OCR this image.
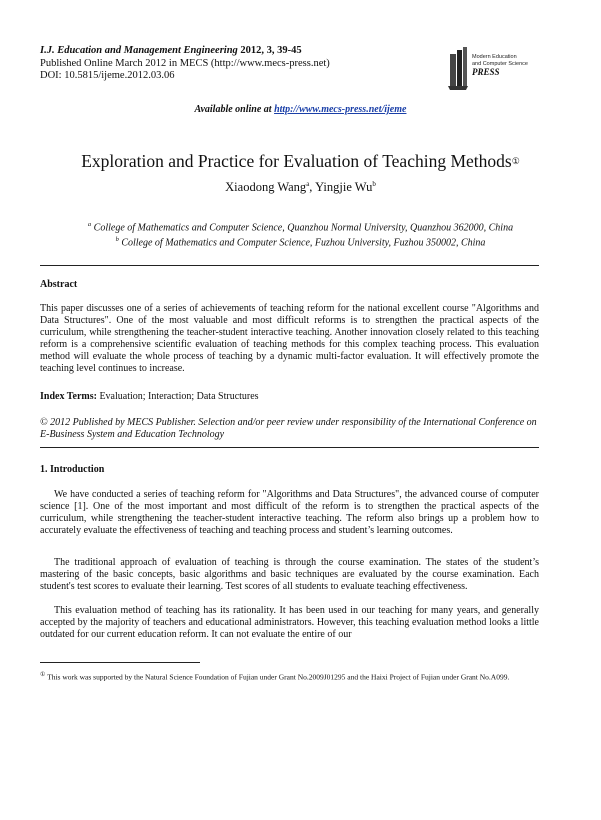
I.J. Education and Management Engineering 2012, 3, 39-45
Published Online March 2012 in MECS (http://www.mecs-press.net)
DOI: 10.5815/ijeme.2012.03.06
Modern Education
and Computer Science
PRESS
Available online at http://www.mecs-press.net/ijeme
Exploration and Practice for Evaluation of Teaching Methods①
Xiaodong Wang$^a$, Yingjie Wu$^b$
$^a$ College of Mathematics and Computer Science, Quanzhou Normal University, Quanzhou 362000, China
$^b$ College of Mathematics and Computer Science, Fuzhou University, Fuzhou 350002, China
Abstract
This paper discusses one of a series of achievements of teaching reform for the national excellent course "Algorithms and Data Structures". One of the most valuable and most difficult reforms is to strengthen the practical aspects of the curriculum, while strengthening the teacher-student interactive teaching. Another innovation closely related to this teaching reform is a comprehensive scientific evaluation of teaching methods for this complex teaching process. This evaluation method will evaluate the whole process of teaching by a dynamic multi-factor evaluation. It will effectively promote the teaching level continues to increase.
Index Terms: Evaluation; Interaction; Data Structures
© 2012 Published by MECS Publisher. Selection and/or peer review under responsibility of the International Conference on E-Business System and Education Technology
1. Introduction
We have conducted a series of teaching reform for "Algorithms and Data Structures", the advanced course of computer science [1]. One of the most important and most difficult of the reform is to strengthen the practical aspects of the curriculum, while strengthening the teacher-student interactive teaching. The reform also brings up a problem how to accurately evaluate the effectiveness of teaching and teaching process and student’s learning outcomes.
The traditional approach of evaluation of teaching is through the course examination. The states of the student’s mastering of the basic concepts, basic algorithms and basic techniques are evaluated by the course examination. Each student's test scores to evaluate their learning. Test scores of all students to evaluate teaching effectiveness.
This evaluation method of teaching has its rationality. It has been used in our teaching for many years, and generally accepted by the majority of teachers and educational administrators. However, this teaching evaluation method looks a little outdated for our current education reform. It can not evaluate the entire of our
① This work was supported by the Natural Science Foundation of Fujian under Grant No.2009J01295 and the Haixi Project of Fujian under Grant No.A099.
